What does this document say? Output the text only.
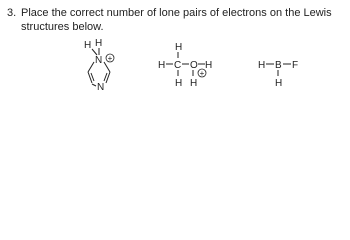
3. Place the correct number of lone pairs of electrons on the Lewis structures below.
H H
N +
N
H
H C O H
H H
+
H B F
H
